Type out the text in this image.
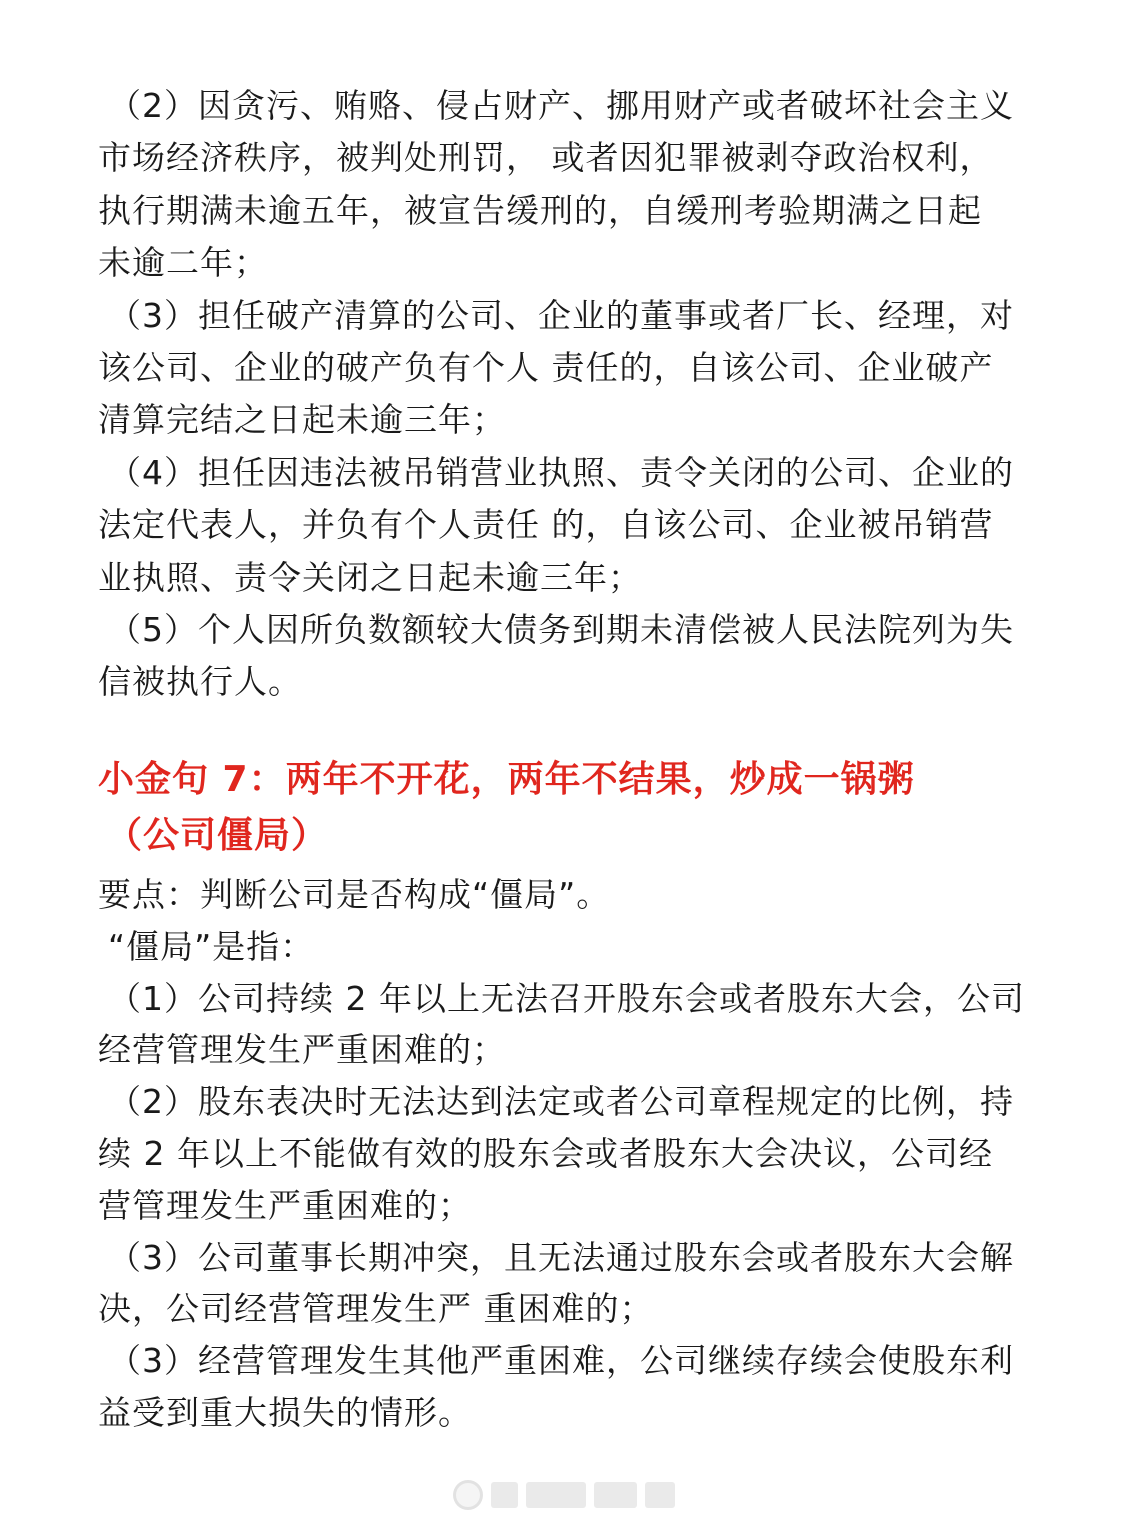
（2）因贪污、贿赂、侵占财产、挪用财产或者破坏社会主义
市场经济秩序，被判处刑罚， 或者因犯罪被剥夺政治权利，
执行期满未逾五年，被宣告缓刑的，自缓刑考验期满之日起
未逾二年；
（3）担任破产清算的公司、企业的董事或者厂长、经理，对
该公司、企业的破产负有个人 责任的，自该公司、企业破产
清算完结之日起未逾三年；
（4）担任因违法被吊销营业执照、责令关闭的公司、企业的
法定代表人，并负有个人责任 的，自该公司、企业被吊销营
业执照、责令关闭之日起未逾三年；
（5）个人因所负数额较大债务到期未清偿被人民法院列为失
信被执行人。
小金句 7：两年不开花，两年不结果，炒成一锅粥
（公司僵局）
要点：判断公司是否构成“僵局”。
“僵局”是指：
（1）公司持续 2 年以上无法召开股东会或者股东大会，公司
经营管理发生严重困难的；
（2）股东表决时无法达到法定或者公司章程规定的比例，持
续 2 年以上不能做有效的股东会或者股东大会决议，公司经
营管理发生严重困难的；
（3）公司董事长期冲突，且无法通过股东会或者股东大会解
决，公司经营管理发生严 重困难的；
（3）经营管理发生其他严重困难，公司继续存续会使股东利
益受到重大损失的情形。
